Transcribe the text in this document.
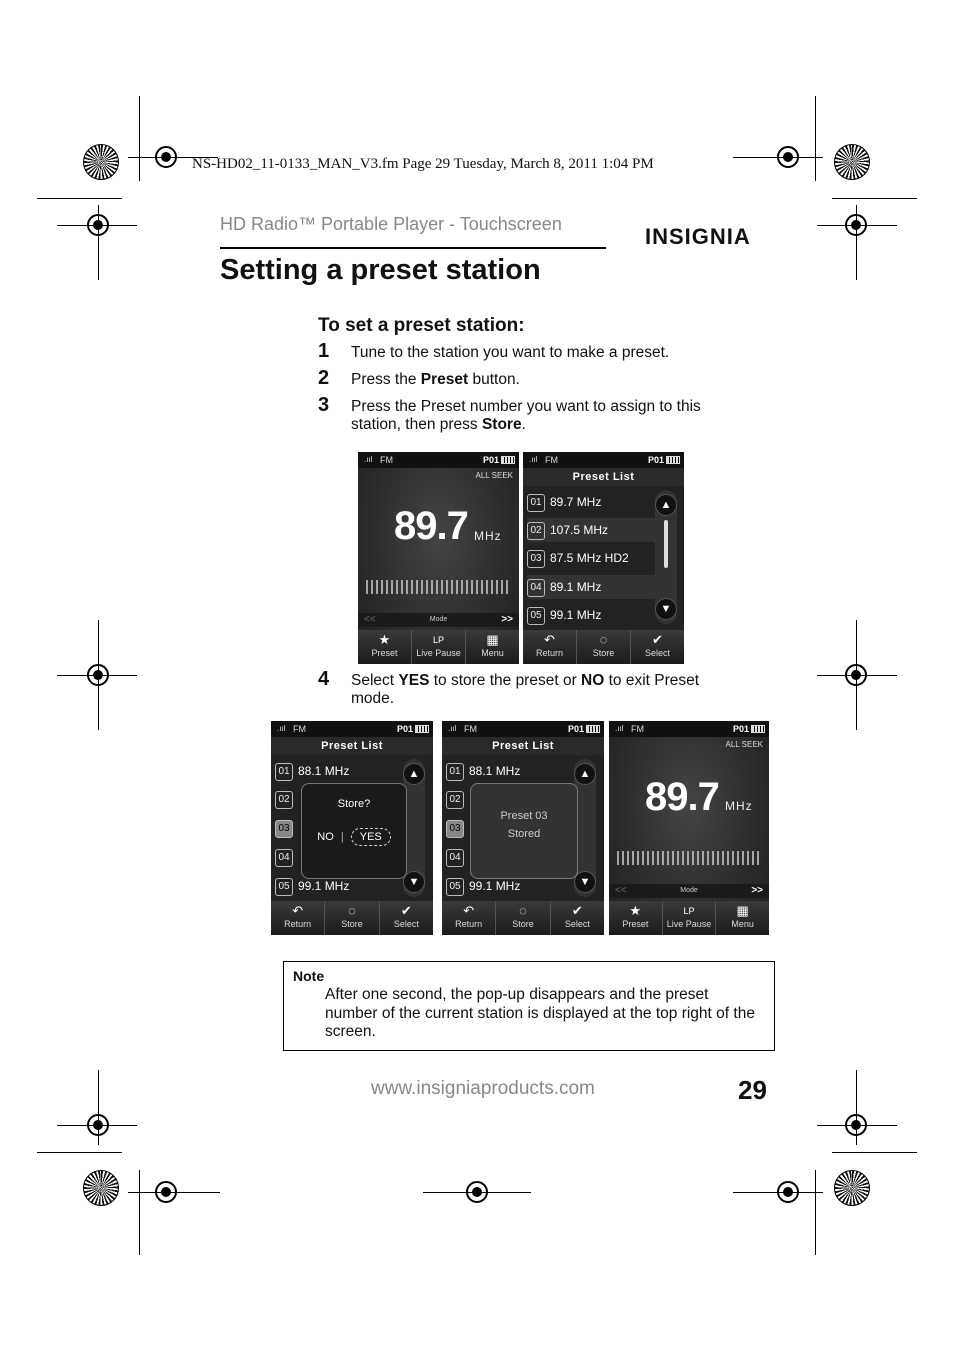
NS-HD02_11-0133_MAN_V3.fm Page 29 Tuesday, March 8, 2011 1:04 PM
HD Radio™ Portable Player - Touchscreen	INSIGNIA
Setting a preset station
To set a preset station:
1 Tune to the station you want to make a preset.
2 Press the Preset button.
3 Press the Preset number you want to assign to this station, then press Store.
.ııl FM	P01
ALL SEEK
89.7 MHz
<<	Mode	>>
★
Preset
LP
Live Pause
▦
Menu
.ııl FM	P01
Preset List
01 89.7 MHz
02 107.5 MHz
03 87.5 MHz HD2
04 89.1 MHz
05 99.1 MHz
▲
▼
↶
Return
◌
Store
✔
Select
4 Select YES to store the preset or NO to exit Preset mode.
.ııl FM	P01
Preset List
01 88.1 MHz
02
03
04
05 99.1 MHz
▲
▼
Store?
NO | YES
↶
Return
◌
Store
✔
Select
.ııl FM	P01
Preset List
01 88.1 MHz
02
03
04
05 99.1 MHz
▲
▼
Preset 03
Stored
↶
Return
◌
Store
✔
Select
.ııl FM	P01
ALL SEEK
89.7 MHz
<<	Mode	>>
★
Preset
LP
Live Pause
▦
Menu
Note
After one second, the pop-up disappears and the preset number of the current station is displayed at the top right of the screen.
www.insigniaproducts.com	29
